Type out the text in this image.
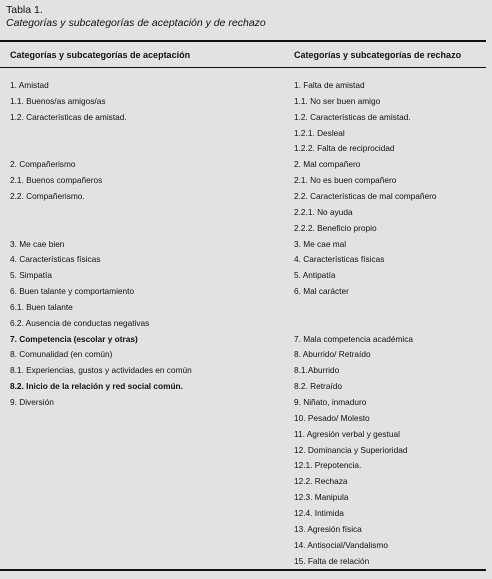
Tabla 1.
Categorías y subcategorías de aceptación y de rechazo
Categorías y subcategorías de aceptación	Categorías y subcategorías de rechazo
1. Amistad
1.1. Buenos/as amigos/as
1.2. Características de amistad.
2. Compañerismo
2.1. Buenos compañeros
2.2. Compañerismo.
3. Me cae bien
4. Características físicas
5. Simpatía
6. Buen talante y comportamiento
6.1. Buen talante
6.2. Ausencia de conductas negativas
7. Competencia (escolar y otras)
8. Comunalidad (en común)
8.1. Experiencias, gustos y actividades en común
8.2. Inicio de la relación y red social común.
9. Diversión
1. Falta de amistad
1.1. No ser buen amigo
1.2. Características de amistad.
1.2.1. Desleal
1.2.2. Falta de reciprocidad
2. Mal compañero
2.1. No es buen compañero
2.2. Características de mal compañero
2.2.1. No ayuda
2.2.2. Beneficio propio
3. Me cae mal
4. Características físicas
5. Antipatía
6. Mal carácter
7. Mala competencia académica
8. Aburrido/ Retraído
8.1.Aburrido
8.2. Retraído
9. Niñato, inmaduro
10. Pesado/ Molesto
11. Agresión verbal y gestual
12. Dominancia y Superioridad
12.1. Prepotencia.
12.2. Rechaza
12.3. Manipula
12.4. Intimida
13. Agresión física
14. Antisocial/Vandalismo
15. Falta de relación
